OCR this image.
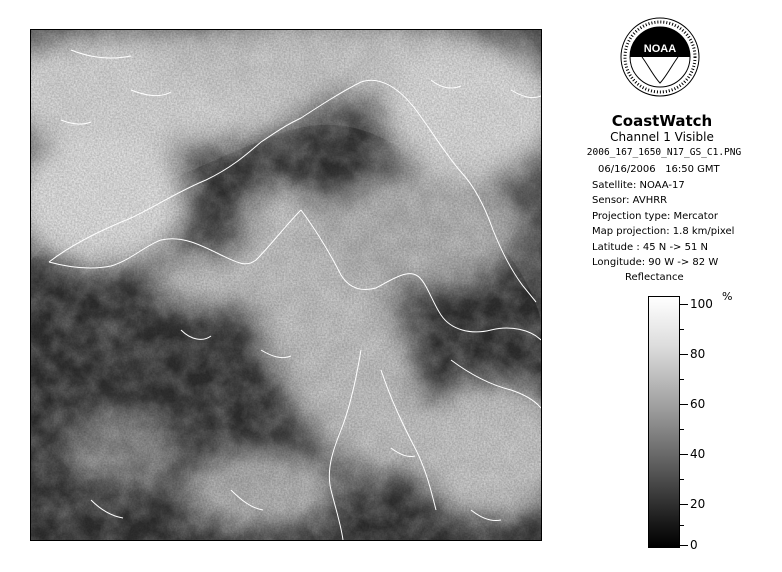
NOAA
CoastWatch
Channel 1 Visible
2006_167_1650_N17_GS_C1.PNG
06/16/2006 16:50 GMT
Satellite: NOAA-17
Sensor: AVHRR
Projection type: Mercator
Map projection: 1.8 km/pixel
Latitude : 45 N -> 51 N
Longitude: 90 W -> 82 W
Reflectance
%
100
80
60
40
20
0
